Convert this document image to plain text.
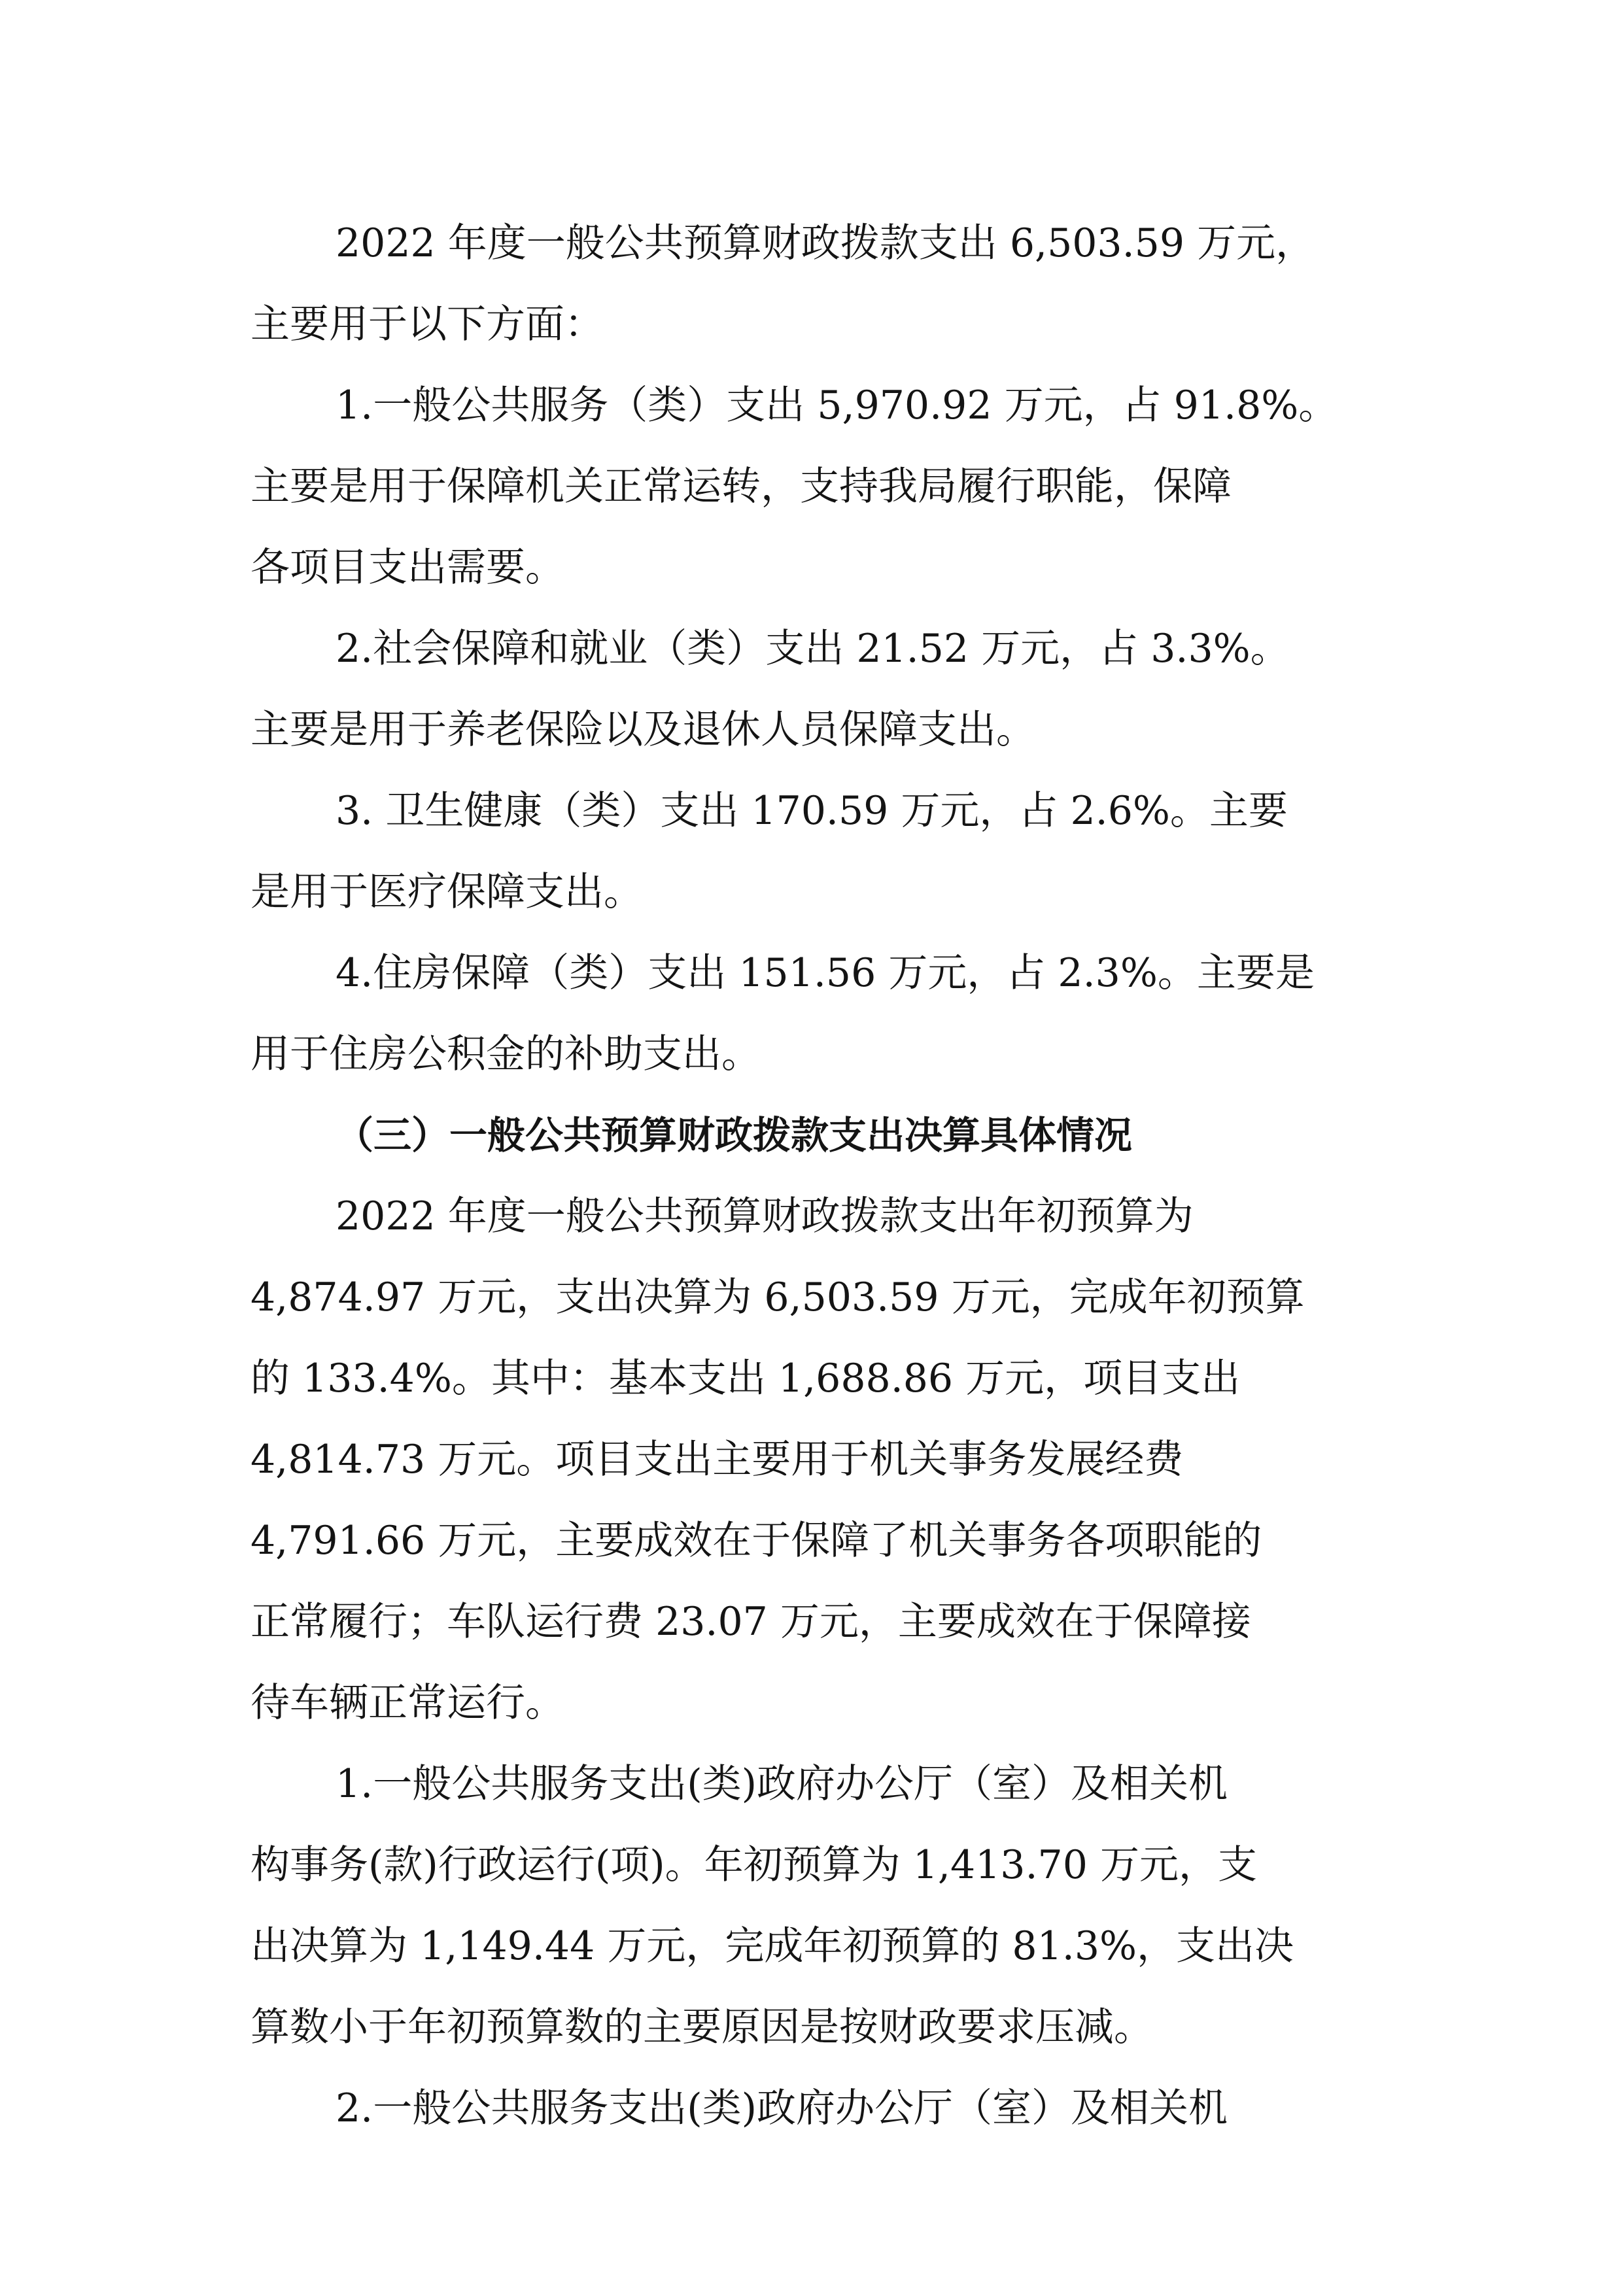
2022 年度一般公共预算财政拨款支出 6,503.59 万元，
主要用于以下方面：
1.一般公共服务（类）支出 5,970.92 万元，占 91.8%。
主要是用于保障机关正常运转，支持我局履行职能，保障
各项目支出需要。
2.社会保障和就业（类）支出 21.52 万元，占 3.3%。
主要是用于养老保险以及退休人员保障支出。
3. 卫生健康（类）支出 170.59 万元，占 2.6%。主要
是用于医疗保障支出。
4.住房保障（类）支出 151.56 万元，占 2.3%。主要是
用于住房公积金的补助支出。
（三）一般公共预算财政拨款支出决算具体情况
2022 年度一般公共预算财政拨款支出年初预算为
4,874.97 万元，支出决算为 6,503.59 万元，完成年初预算
的 133.4%。其中：基本支出 1,688.86 万元，项目支出
4,814.73 万元。项目支出主要用于机关事务发展经费
4,791.66 万元，主要成效在于保障了机关事务各项职能的
正常履行；车队运行费 23.07 万元，主要成效在于保障接
待车辆正常运行。
1.一般公共服务支出(类)政府办公厅（室）及相关机
构事务(款)行政运行(项)。年初预算为 1,413.70 万元，支
出决算为 1,149.44 万元，完成年初预算的 81.3%，支出决
算数小于年初预算数的主要原因是按财政要求压减。
2.一般公共服务支出(类)政府办公厅（室）及相关机
